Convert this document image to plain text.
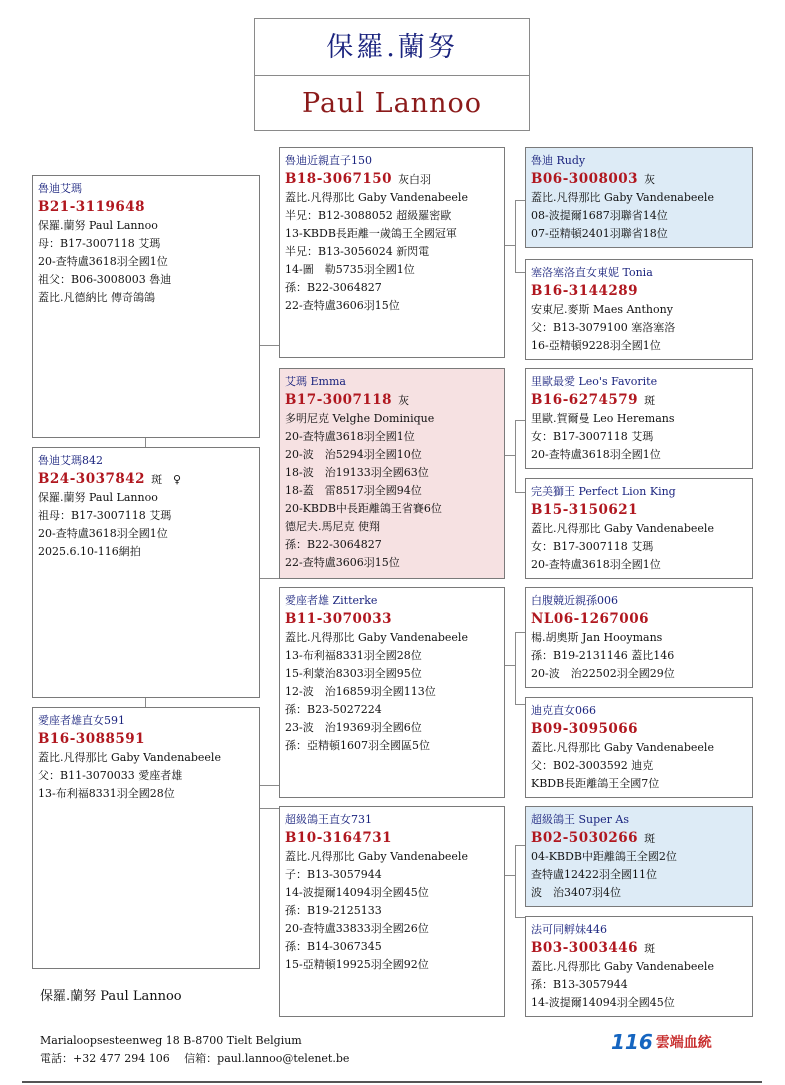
保羅.蘭努
Paul Lannoo
魯迪艾瑪
B21-3119648
保羅.蘭努 Paul Lannoo
母：B17-3007118 艾瑪
20-查特盧3618羽全國1位
祖父：B06-3008003 魯迪
蓋比.凡德納比 傳奇鴿鴿
魯迪艾瑪842
B24-3037842 斑　♀
保羅.蘭努 Paul Lannoo
祖母：B17-3007118 艾瑪
20-查特盧3618羽全國1位
2025.6.10-116網拍
愛座者雄直女591
B16-3088591
蓋比.凡得那比 Gaby Vandenabeele
父：B11-3070033 愛座者雄
13-布利福8331羽全國28位
魯迪近親直子150
B18-3067150 灰白羽
蓋比.凡得那比 Gaby Vandenabeele
半兄：B12-3088052 超級羅密歐
13-KBDB長距離一歲鴿王全國冠軍
半兄：B13-3056024 新閃電
14-圖　勒5735羽全國1位
孫：B22-3064827
22-查特盧3606羽15位
艾瑪 Emma
B17-3007118 灰
多明尼克 Velghe Dominique
20-查特盧3618羽全國1位
20-波　治5294羽全國10位
18-波　治19133羽全國63位
18-蓋　雷8517羽全國94位
20-KBDB中長距離鴿王省賽6位
德尼夫.馬尼克 使翔
孫：B22-3064827
22-查特盧3606羽15位
愛座者雄 Zitterke
B11-3070033
蓋比.凡得那比 Gaby Vandenabeele
13-布利福8331羽全國28位
15-利蒙治8303羽全國95位
12-波　治16859羽全國113位
孫：B23-5027224
23-波　治19369羽全國6位
孫：亞精頓1607羽全國區5位
超級鴿王直女731
B10-3164731
蓋比.凡得那比 Gaby Vandenabeele
子：B13-3057944
14-波提爾14094羽全國45位
孫：B19-2125133
20-查特盧33833羽全國26位
孫：B14-3067345
15-亞精頓19925羽全國92位
魯迪 Rudy
B06-3008003 灰
蓋比.凡得那比 Gaby Vandenabeele
08-波提爾1687羽聯省14位
07-亞精頓2401羽聯省18位
塞洛塞洛直女東妮 Tonia
B16-3144289
安東尼.麥斯 Maes Anthony
父：B13-3079100 塞洛塞洛
16-亞精頓9228羽全國1位
里歐最愛 Leo's Favorite
B16-6274579 斑
里歐.賀爾曼 Leo Heremans
女：B17-3007118 艾瑪
20-查特盧3618羽全國1位
完美獅王 Perfect Lion King
B15-3150621
蓋比.凡得那比 Gaby Vandenabeele
女：B17-3007118 艾瑪
20-查特盧3618羽全國1位
白腹競近親孫006
NL06-1267006
楊.胡奧斯 Jan Hooymans
孫：B19-2131146 蓋比146
20-波　治22502羽全國29位
迪克直女066
B09-3095066
蓋比.凡得那比 Gaby Vandenabeele
父：B02-3003592 迪克
KBDB長距離鴿王全國7位
超級鴿王 Super As
B02-5030266 斑
04-KBDB中距離鴿王全國2位
查特盧12422羽全國11位
波　治3407羽4位
法可同孵妹446
B03-3003446 斑
蓋比.凡得那比 Gaby Vandenabeele
孫：B13-3057944
14-波提爾14094羽全國45位
保羅.蘭努 Paul Lannoo
Marialoopsesteenweg 18 B-8700 Tielt Belgium
電話：+32 477 294 106　 信箱：paul.lannoo@telenet.be
116 雲端血統
